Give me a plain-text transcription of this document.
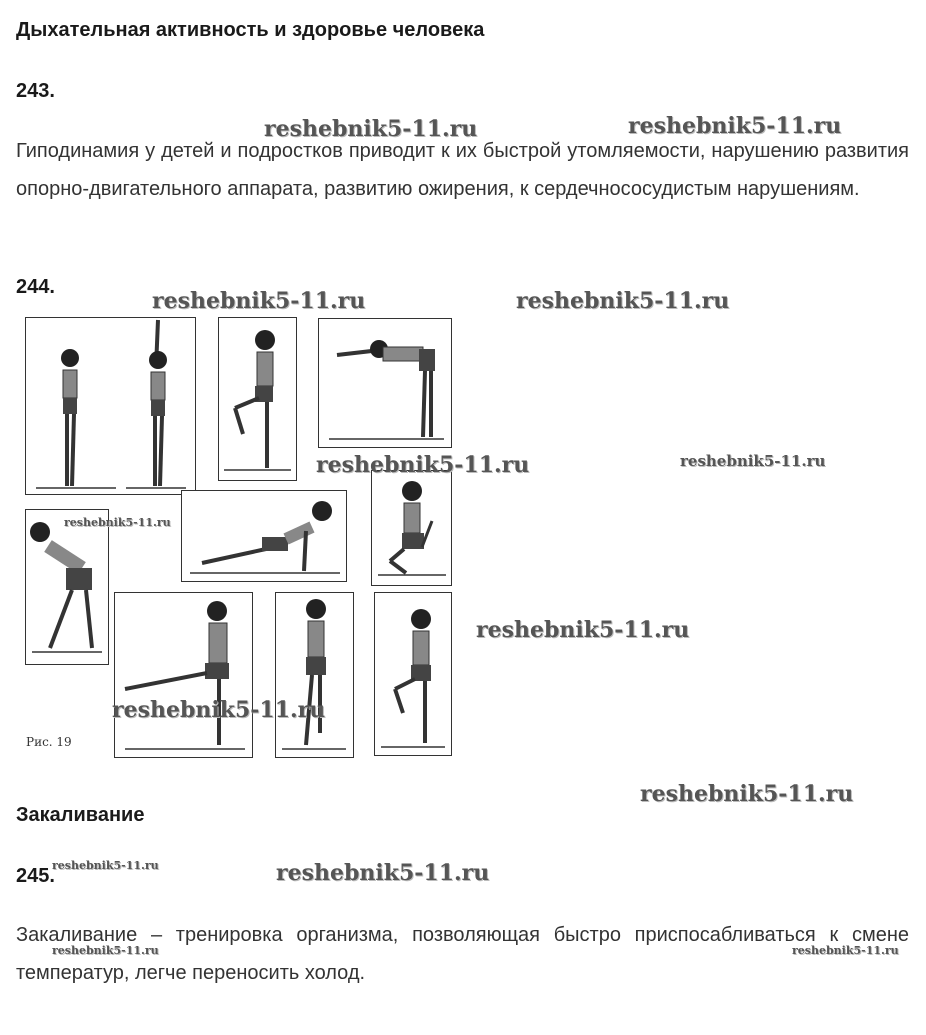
Дыхательная активность и здоровье человека
243.
Гиподинамия у детей и подростков приводит к их быстрой утомляемости, нарушению развития опорно-двигательного аппарата, развитию ожирения, к сердечнососудистым нарушениям.
244.
Рис. 19
Закаливание
245.
Закаливание – тренировка организма, позволяющая быстро приспосабливаться к смене температур, легче переносить холод.
reshebnik5-11.ru	reshebnik5-11.ru
reshebnik5-11.ru	reshebnik5-11.ru
reshebnik5-11.ru	reshebnik5-11.ru
reshebnik5-11.ru
reshebnik5-11.ru
reshebnik5-11.ru
reshebnik5-11.ru
reshebnik5-11.ru	reshebnik5-11.ru
reshebnik5-11.ru	reshebnik5-11.ru
